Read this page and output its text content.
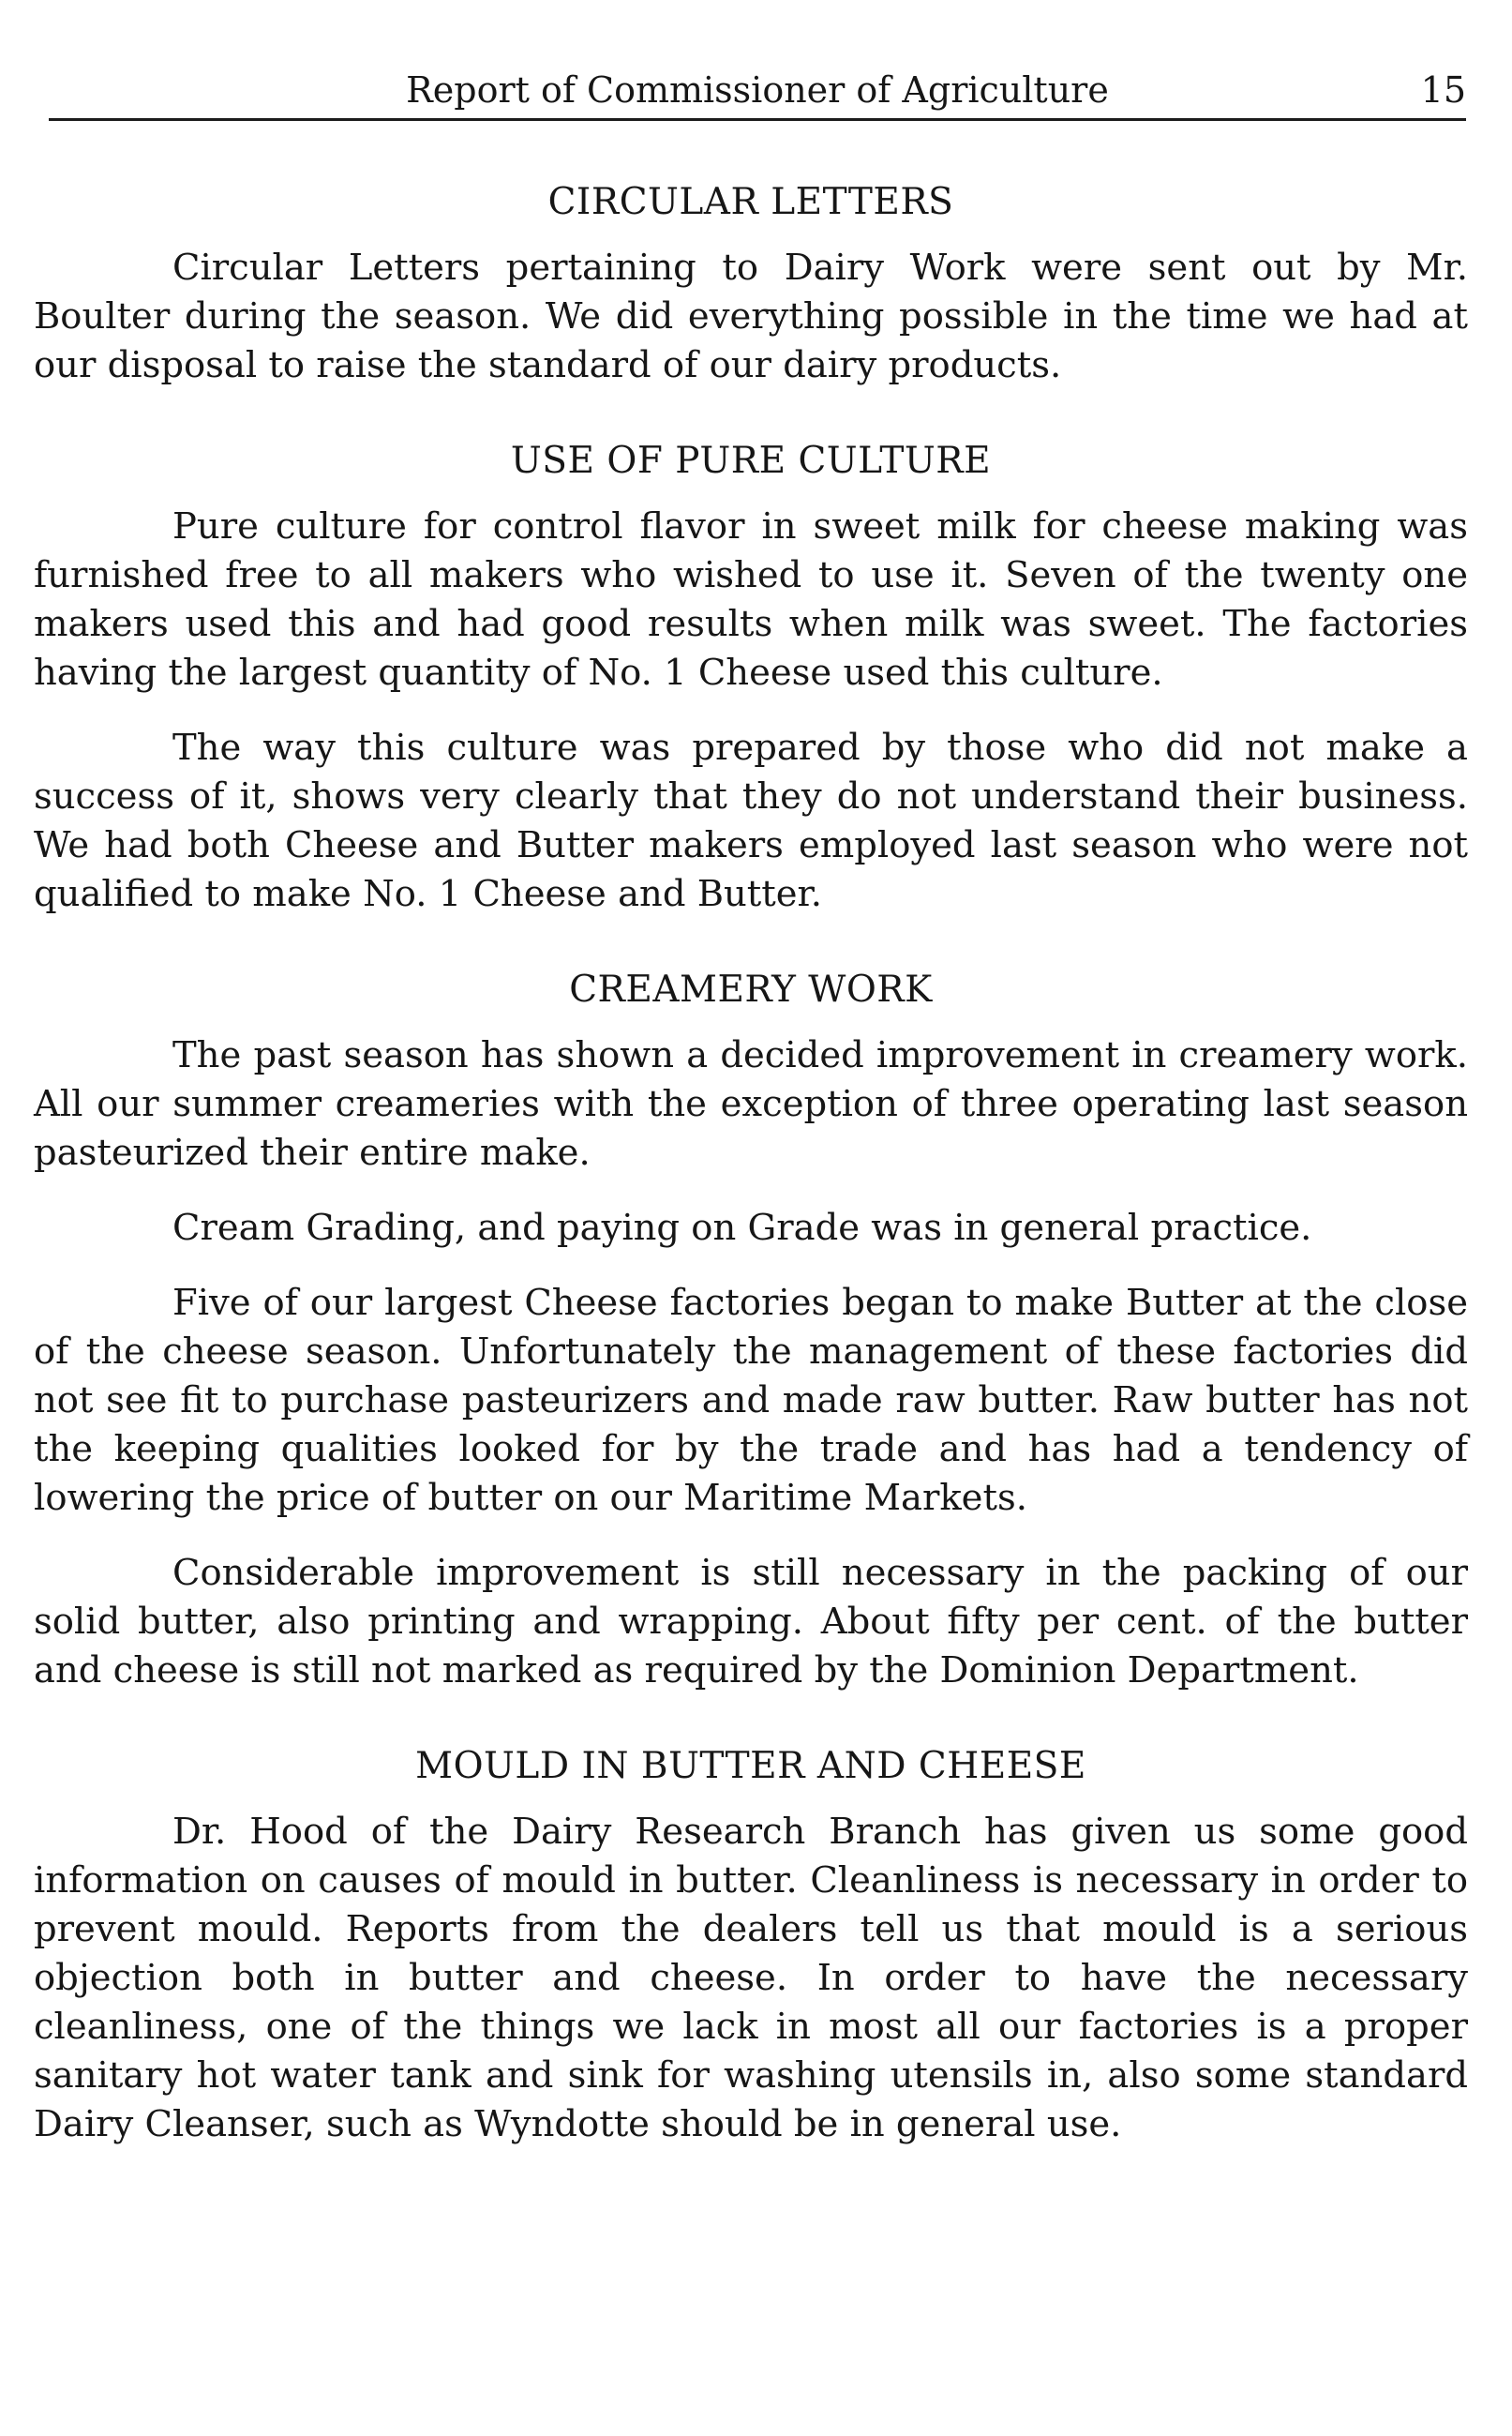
Report of Commissioner of Agriculture	15
CIRCULAR LETTERS

Circular Letters pertaining to Dairy Work were sent out by Mr. Boulter during the season. We did everything possible in the time we had at our disposal to raise the standard of our dairy products.

USE OF PURE CULTURE

Pure culture for control flavor in sweet milk for cheese making was furnished free to all makers who wished to use it. Seven of the twenty one makers used this and had good results when milk was sweet. The factories having the largest quantity of No. 1 Cheese used this culture.

The way this culture was prepared by those who did not make a success of it, shows very clearly that they do not understand their business. We had both Cheese and Butter makers employed last season who were not qualified to make No. 1 Cheese and Butter.

CREAMERY WORK

The past season has shown a decided improvement in creamery work. All our summer creameries with the exception of three operating last season pasteurized their entire make.

Cream Grading, and paying on Grade was in general practice.

Five of our largest Cheese factories began to make Butter at the close of the cheese season. Unfortunately the management of these factories did not see fit to purchase pasteurizers and made raw butter. Raw butter has not the keeping qualities looked for by the trade and has had a tendency of lowering the price of butter on our Maritime Markets.

Considerable improvement is still necessary in the packing of our solid butter, also printing and wrapping. About fifty per cent. of the butter and cheese is still not marked as required by the Dominion Department.

MOULD IN BUTTER AND CHEESE

Dr. Hood of the Dairy Research Branch has given us some good information on causes of mould in butter. Cleanliness is necessary in order to prevent mould. Reports from the dealers tell us that mould is a serious objection both in butter and cheese. In order to have the necessary cleanliness, one of the things we lack in most all our factories is a proper sanitary hot water tank and sink for washing utensils in, also some standard Dairy Cleanser, such as Wyndotte should be in general use.
